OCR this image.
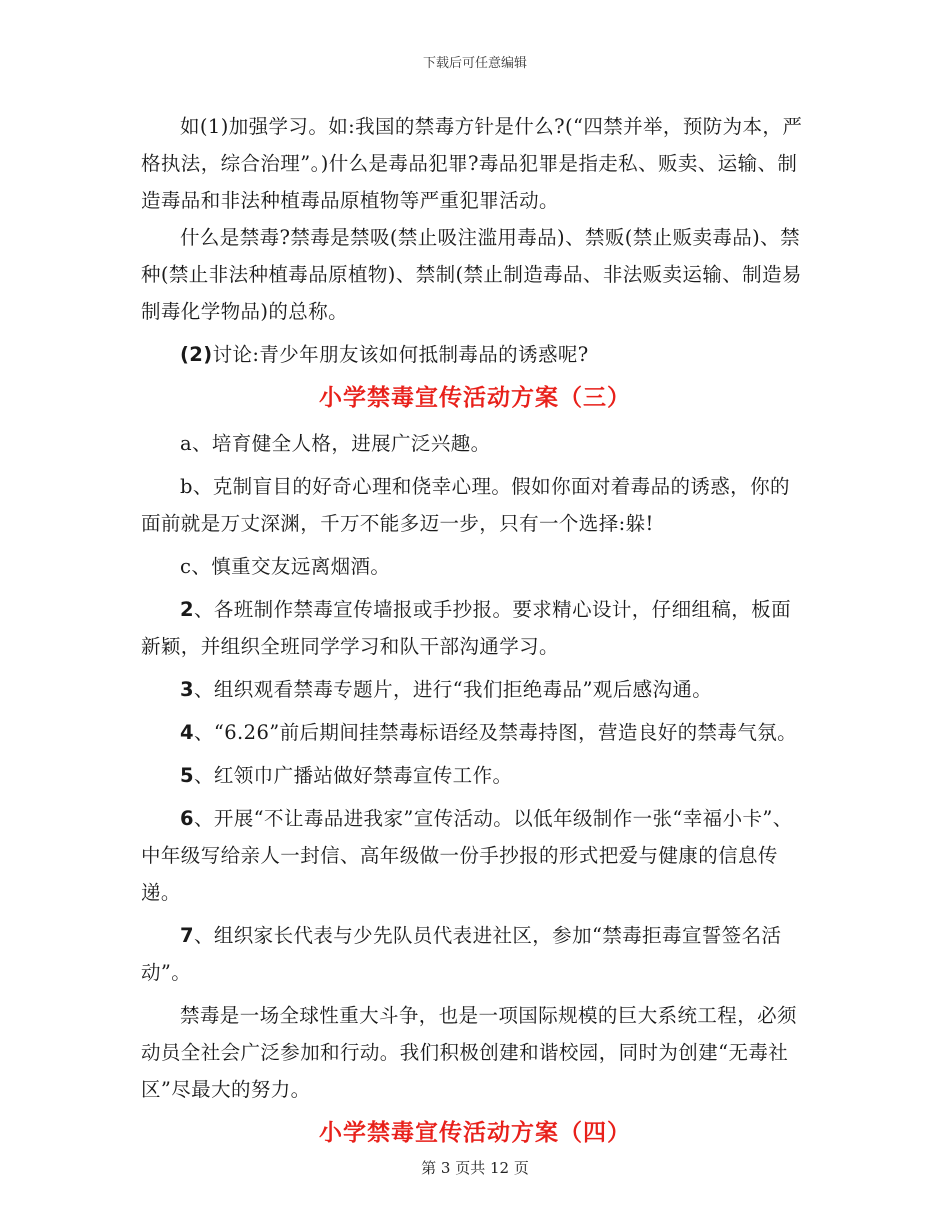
下载后可任意编辑

如(1)加强学习。如:我国的禁毒方针是什么?(“四禁并举，预防为本，严格执法，综合治理”。)什么是毒品犯罪?毒品犯罪是指走私、贩卖、运输、制造毒品和非法种植毒品原植物等严重犯罪活动。

什么是禁毒?禁毒是禁吸(禁止吸注滥用毒品)、禁贩(禁止贩卖毒品)、禁种(禁止非法种植毒品原植物)、禁制(禁止制造毒品、非法贩卖运输、制造易制毒化学物品)的总称。

(2)讨论:青少年朋友该如何抵制毒品的诱惑呢?

小学禁毒宣传活动方案（三）

a、培育健全人格，进展广泛兴趣。

b、克制盲目的好奇心理和侥幸心理。假如你面对着毒品的诱惑，你的面前就是万丈深渊，千万不能多迈一步，只有一个选择:躲!

c、慎重交友远离烟酒。

2、各班制作禁毒宣传墙报或手抄报。要求精心设计，仔细组稿，板面新颖，并组织全班同学学习和队干部沟通学习。

3、组织观看禁毒专题片，进行“我们拒绝毒品”观后感沟通。

4、“6.26”前后期间挂禁毒标语经及禁毒持图，营造良好的禁毒气氛。

5、红领巾广播站做好禁毒宣传工作。

6、开展“不让毒品进我家”宣传活动。以低年级制作一张“幸福小卡”、中年级写给亲人一封信、高年级做一份手抄报的形式把爱与健康的信息传递。

7、组织家长代表与少先队员代表进社区，参加“禁毒拒毒宣誓签名活动”。

禁毒是一场全球性重大斗争，也是一项国际规模的巨大系统工程，必须动员全社会广泛参加和行动。我们积极创建和谐校园，同时为创建“无毒社区”尽最大的努力。

小学禁毒宣传活动方案（四）
第 3 页共 12 页
